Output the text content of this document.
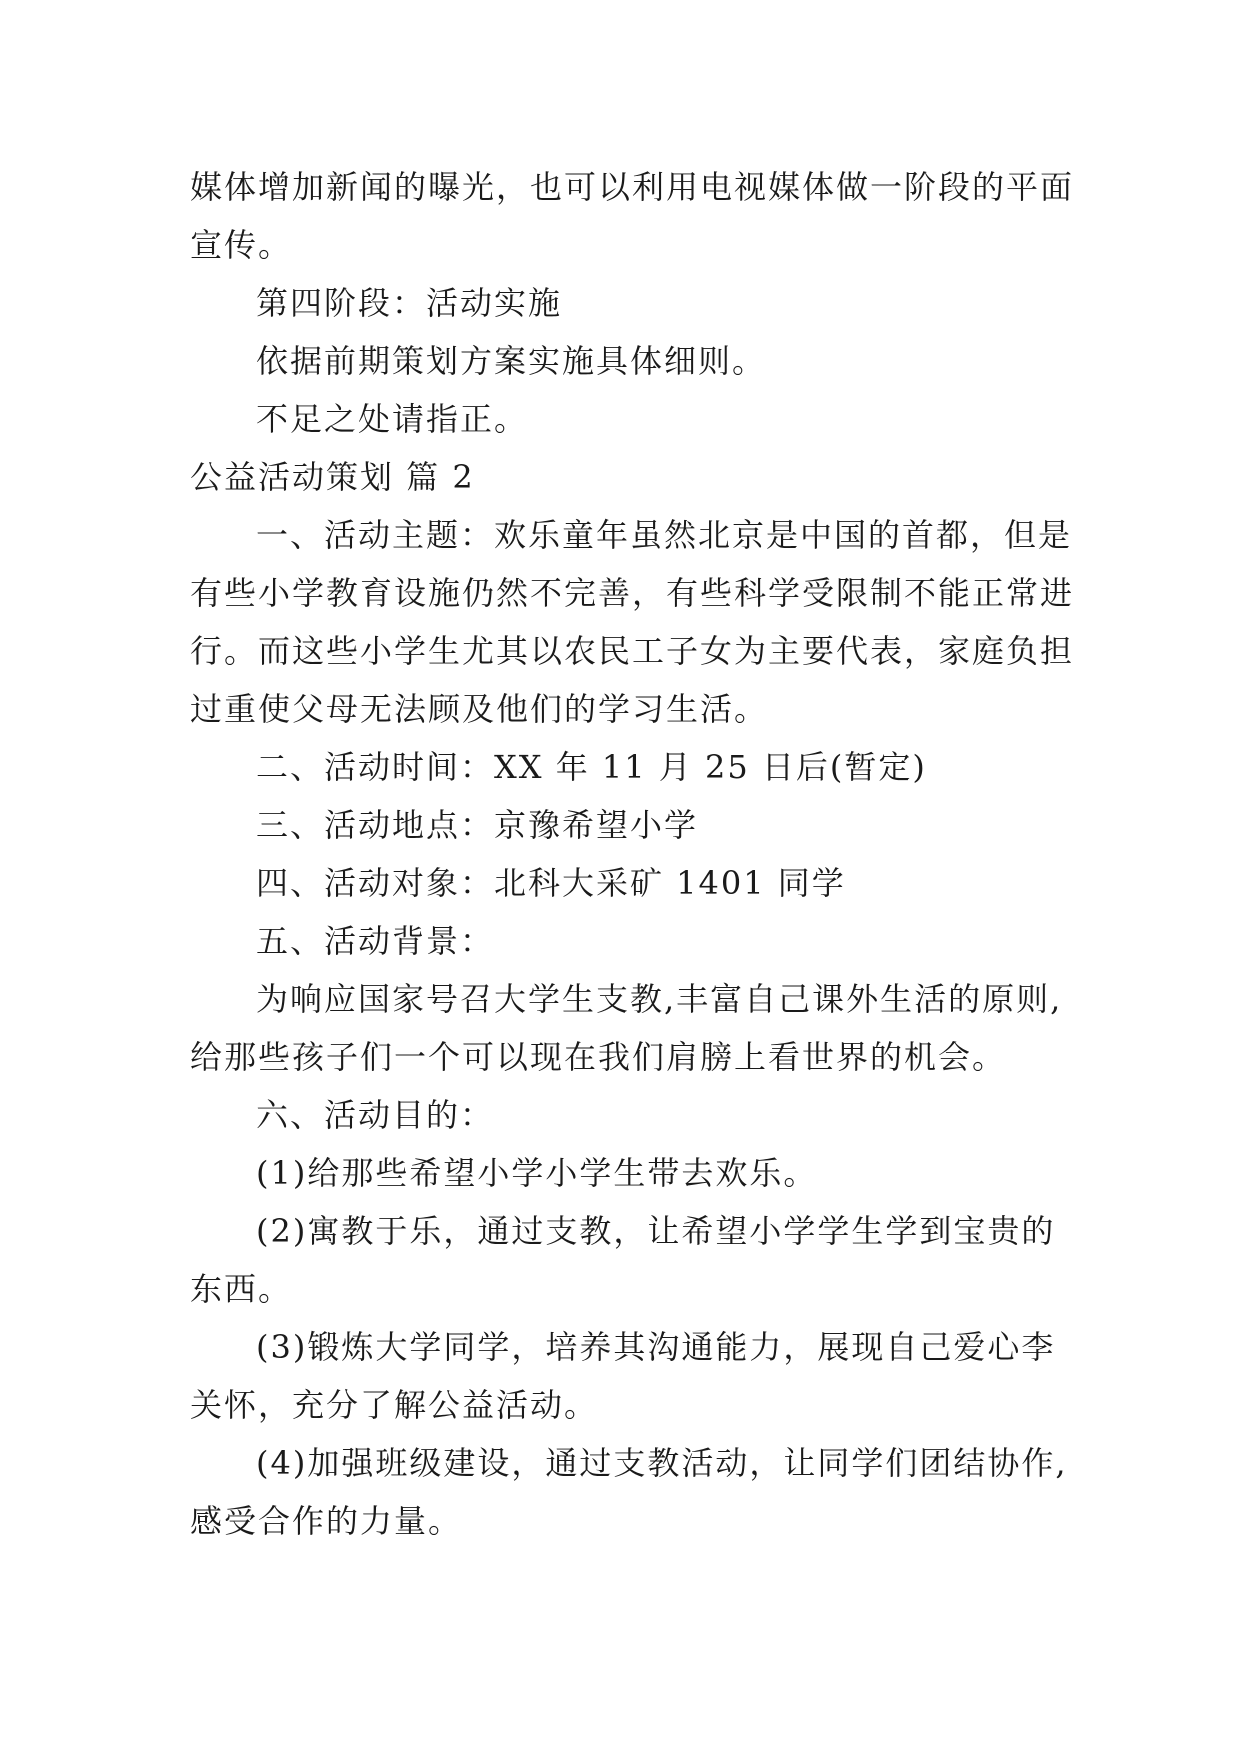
媒体增加新闻的曝光，也可以利用电视媒体做一阶段的平面
宣传。
第四阶段：活动实施
依据前期策划方案实施具体细则。
不足之处请指正。
公益活动策划 篇 2
一、活动主题：欢乐童年虽然北京是中国的首都，但是
有些小学教育设施仍然不完善，有些科学受限制不能正常进
行。而这些小学生尤其以农民工子女为主要代表，家庭负担
过重使父母无法顾及他们的学习生活。
二、活动时间：XX 年 11 月 25 日后(暂定)
三、活动地点：京豫希望小学
四、活动对象：北科大采矿 1401 同学
五、活动背景：
为响应国家号召大学生支教,丰富自己课外生活的原则,
给那些孩子们一个可以现在我们肩膀上看世界的机会。
六、活动目的：
(1)给那些希望小学小学生带去欢乐。
(2)寓教于乐，通过支教，让希望小学学生学到宝贵的
东西。
(3)锻炼大学同学，培养其沟通能力，展现自己爱心李
关怀，充分了解公益活动。
(4)加强班级建设，通过支教活动，让同学们团结协作,
感受合作的力量。
